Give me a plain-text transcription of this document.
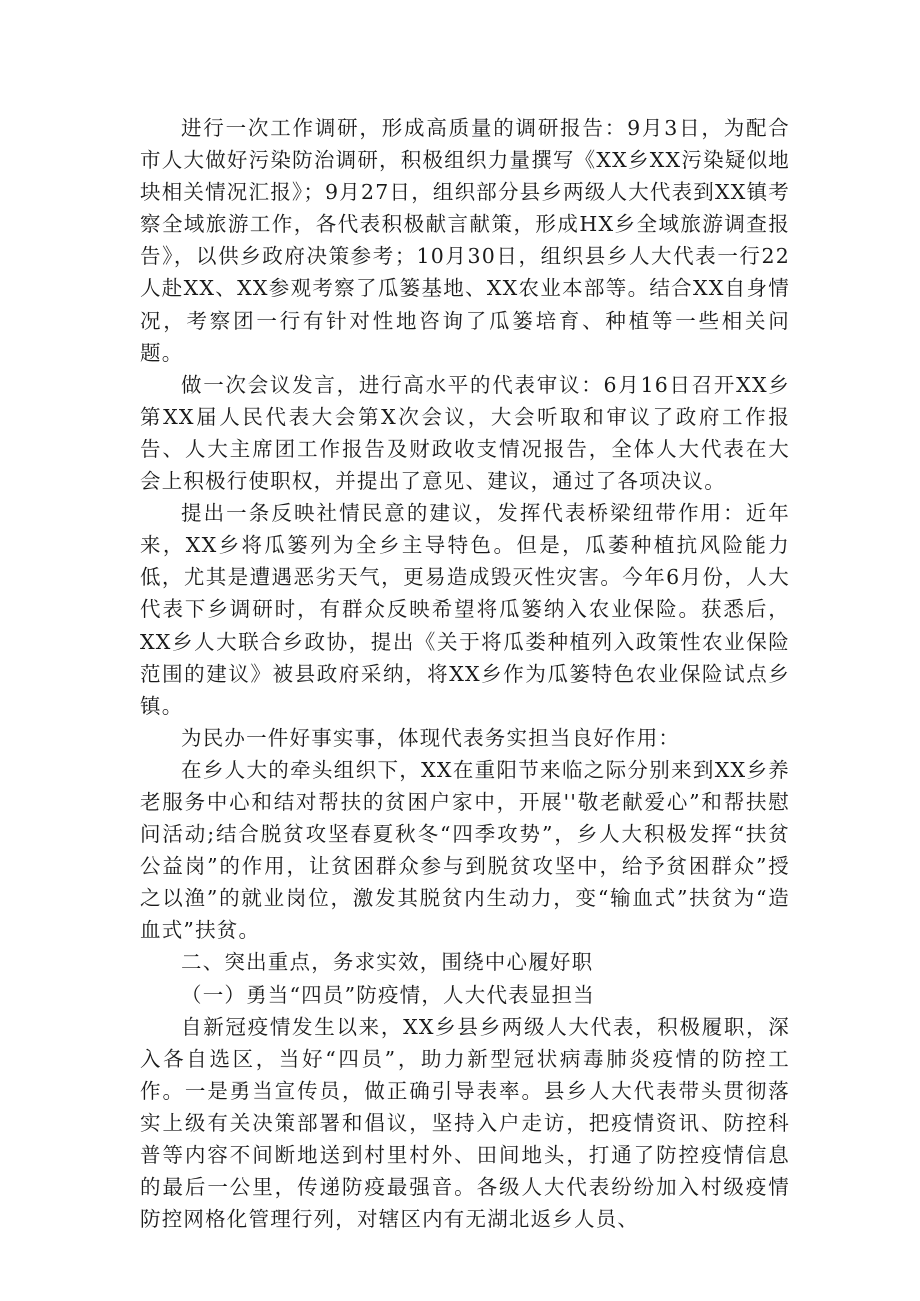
进行一次工作调研，形成高质量的调研报告：9月3日，为配合市人大做好污染防治调研，积极组织力量撰写《XX乡XX污染疑似地块相关情况汇报》；9月27日，组织部分县乡两级人大代表到XX镇考察全域旅游工作，各代表积极献言献策，形成HX乡全域旅游调查报告》，以供乡政府决策参考；10月30日，组织县乡人大代表一行22人赴XX、XX参观考察了瓜篓基地、XX农业本部等。结合XX自身情况，考察团一行有针对性地咨询了瓜篓培育、种植等一些相关问题。

做一次会议发言，进行高水平的代表审议：6月16日召开XX乡第XX届人民代表大会第X次会议，大会听取和审议了政府工作报告、人大主席团工作报告及财政收支情况报告，全体人大代表在大会上积极行使职权，并提出了意见、建议，通过了各项决议。

提出一条反映社情民意的建议，发挥代表桥梁纽带作用：近年来，XX乡将瓜篓列为全乡主导特色。但是，瓜萎种植抗风险能力低，尤其是遭遇恶劣天气，更易造成毁灭性灾害。今年6月份，人大代表下乡调研时，有群众反映希望将瓜篓纳入农业保险。获悉后，XX乡人大联合乡政协，提出《关于将瓜娄种植列入政策性农业保险范围的建议》被县政府采纳，将XX乡作为瓜篓特色农业保险试点乡镇。

为民办一件好事实事，体现代表务实担当良好作用：

在乡人大的牵头组织下，XX在重阳节来临之际分别来到XX乡养老服务中心和结对帮扶的贫困户家中，开展''敬老献爱心”和帮扶慰问活动;结合脱贫攻坚春夏秋冬“四季攻势”，乡人大积极发挥“扶贫公益岗”的作用，让贫困群众参与到脱贫攻坚中，给予贫困群众”授之以渔”的就业岗位，激发其脱贫内生动力，变“输血式”扶贫为“造血式”扶贫。

二、突出重点，务求实效，围绕中心履好职

（一）勇当“四员”防疫情，人大代表显担当

自新冠疫情发生以来，XX乡县乡两级人大代表，积极履职，深入各自选区，当好“四员”，助力新型冠状病毒肺炎疫情的防控工作。一是勇当宣传员，做正确引导表率。县乡人大代表带头贯彻落实上级有关决策部署和倡议，坚持入户走访，把疫情资讯、防控科普等内容不间断地送到村里村外、田间地头，打通了防控疫情信息的最后一公里，传递防疫最强音。各级人大代表纷纷加入村级疫情防控网格化管理行列，对辖区内有无湖北返乡人员、
